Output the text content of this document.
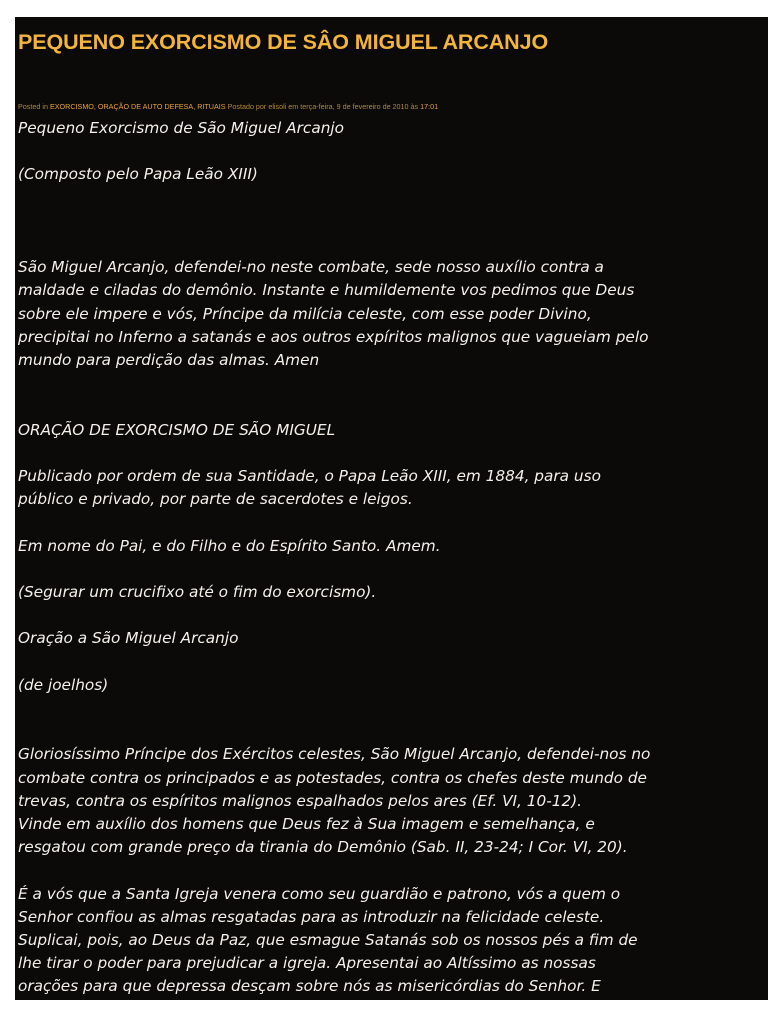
PEQUENO EXORCISMO DE SÂO MIGUEL ARCANJO
Posted in EXORCISMO, ORAÇÃO DE AUTO DEFESA, RITUAIS Postado por elisoli em terça-feira, 9 de fevereiro de 2010 às 17:01

Pequeno Exorcismo de São Miguel Arcanjo

(Composto pelo Papa Leão XIII)

São Miguel Arcanjo, defendei-no neste combate, sede nosso auxílio contra a

maldade e ciladas do demônio. Instante e humildemente vos pedimos que Deus

sobre ele impere e vós, Príncipe da milícia celeste, com esse poder Divino,

precipitai no Inferno a satanás e aos outros expíritos malignos que vagueiam pelo

mundo para perdição das almas. Amen

ORAÇÃO DE EXORCISMO DE SÃO MIGUEL

Publicado por ordem de sua Santidade, o Papa Leão XIII, em 1884, para uso

público e privado, por parte de sacerdotes e leigos.

Em nome do Pai, e do Filho e do Espírito Santo. Amem.

(Segurar um crucifixo até o fim do exorcismo).

Oração a São Miguel Arcanjo

(de joelhos)

Gloriosíssimo Príncipe dos Exércitos celestes, São Miguel Arcanjo, defendei-nos no

combate contra os principados e as potestades, contra os chefes deste mundo de

trevas, contra os espíritos malignos espalhados pelos ares (Ef. VI, 10-12).

Vinde em auxílio dos homens que Deus fez à Sua imagem e semelhança, e

resgatou com grande preço da tirania do Demônio (Sab. II, 23-24; I Cor. VI, 20).

É a vós que a Santa Igreja venera como seu guardião e patrono, vós a quem o

Senhor confiou as almas resgatadas para as introduzir na felicidade celeste.

Suplicai, pois, ao Deus da Paz, que esmague Satanás sob os nossos pés a fim de

lhe tirar o poder para prejudicar a igreja. Apresentai ao Altíssimo as nossas

orações para que depressa desçam sobre nós as misericórdias do Senhor. E
